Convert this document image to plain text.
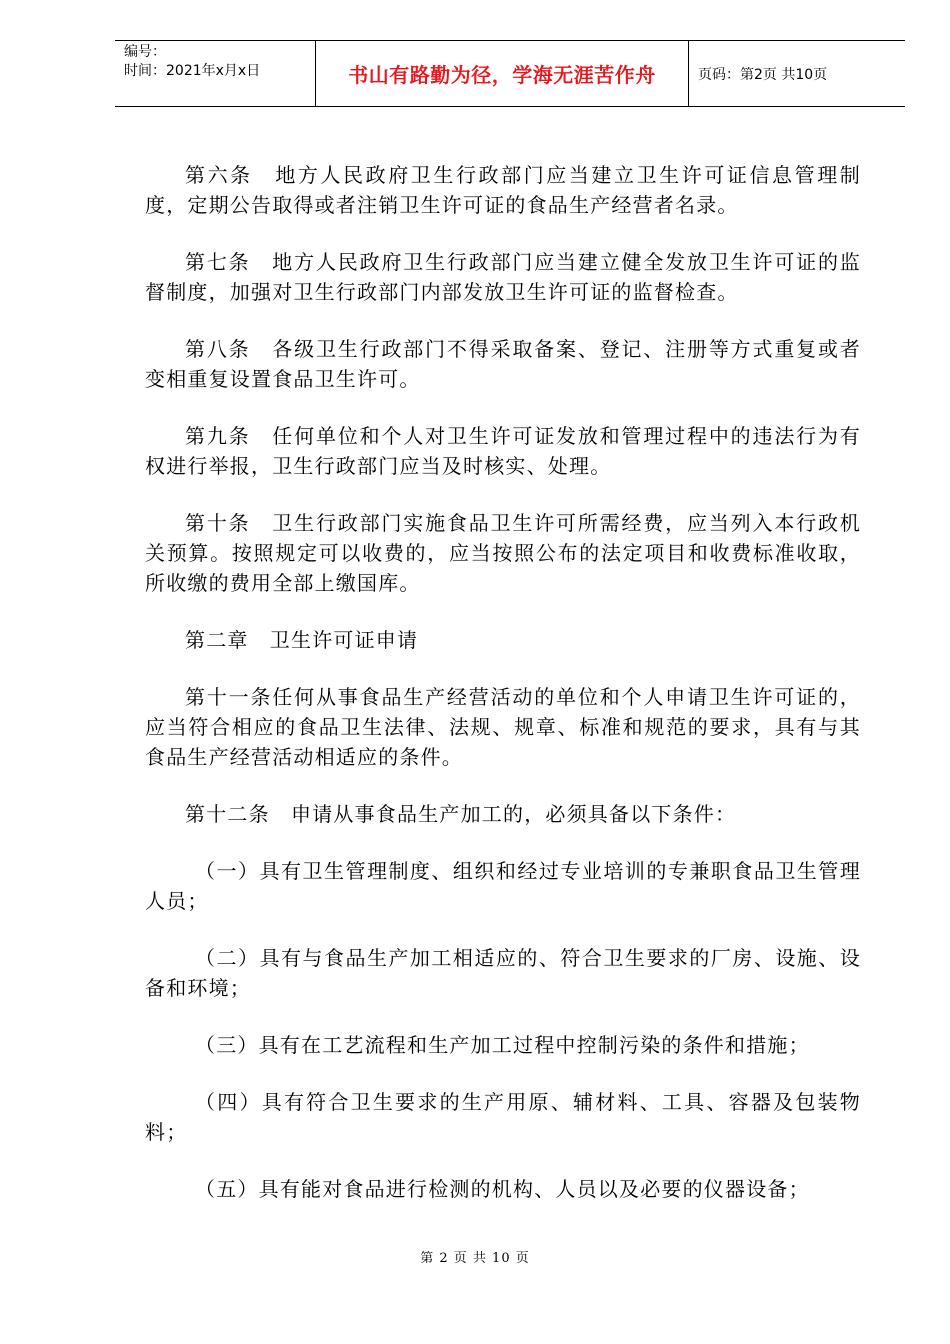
编号：
时间：2021年x月x日	书山有路勤为径，学海无涯苦作舟	页码：第2页 共10页

第六条　地方人民政府卫生行政部门应当建立卫生许可证信息管理制度，定期公告取得或者注销卫生许可证的食品生产经营者名录。

第七条　地方人民政府卫生行政部门应当建立健全发放卫生许可证的监督制度，加强对卫生行政部门内部发放卫生许可证的监督检查。

第八条　各级卫生行政部门不得采取备案、登记、注册等方式重复或者变相重复设置食品卫生许可。

第九条　任何单位和个人对卫生许可证发放和管理过程中的违法行为有权进行举报，卫生行政部门应当及时核实、处理。

第十条　卫生行政部门实施食品卫生许可所需经费，应当列入本行政机关预算。按照规定可以收费的，应当按照公布的法定项目和收费标准收取，所收缴的费用全部上缴国库。

第二章　卫生许可证申请

第十一条任何从事食品生产经营活动的单位和个人申请卫生许可证的，应当符合相应的食品卫生法律、法规、规章、标准和规范的要求，具有与其食品生产经营活动相适应的条件。

第十二条　申请从事食品生产加工的，必须具备以下条件：

（一）具有卫生管理制度、组织和经过专业培训的专兼职食品卫生管理人员；

（二）具有与食品生产加工相适应的、符合卫生要求的厂房、设施、设备和环境；

（三）具有在工艺流程和生产加工过程中控制污染的条件和措施；

（四）具有符合卫生要求的生产用原、辅材料、工具、容器及包装物料；

（五）具有能对食品进行检测的机构、人员以及必要的仪器设备；

第 2 页 共 10 页
